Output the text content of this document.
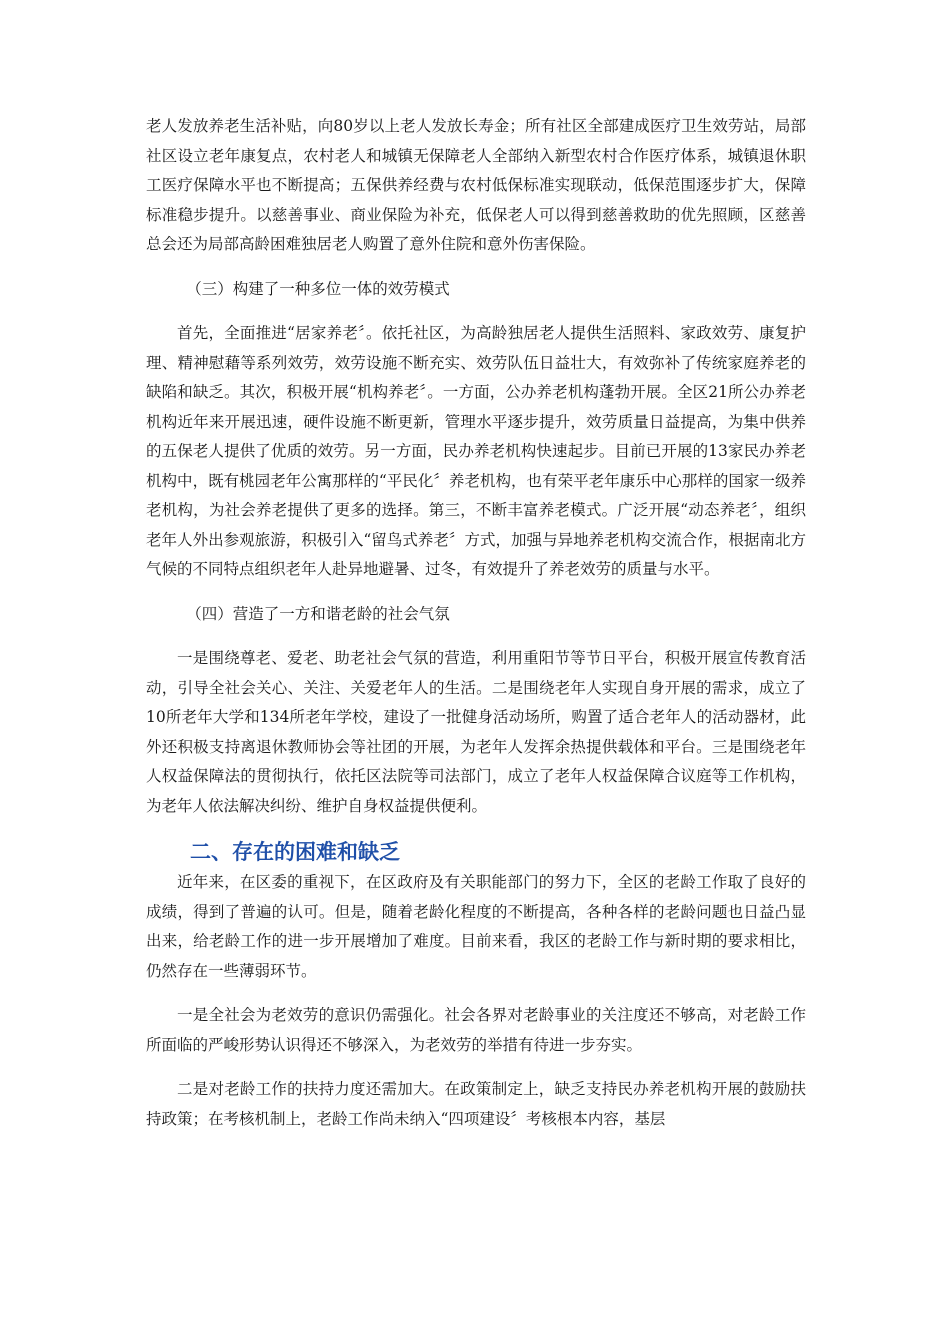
老人发放养老生活补贴，向80岁以上老人发放长寿金；所有社区全部建成医疗卫生效劳站，局部社区设立老年康复点，农村老人和城镇无保障老人全部纳入新型农村合作医疗体系，城镇退休职工医疗保障水平也不断提高；五保供养经费与农村低保标准实现联动，低保范围逐步扩大，保障标准稳步提升。以慈善事业、商业保险为补充，低保老人可以得到慈善救助的优先照顾，区慈善总会还为局部高龄困难独居老人购置了意外住院和意外伤害保险。

（三）构建了一种多位一体的效劳模式

首先，全面推进“居家养老〞。依托社区，为高龄独居老人提供生活照料、家政效劳、康复护理、精神慰藉等系列效劳，效劳设施不断充实、效劳队伍日益壮大，有效弥补了传统家庭养老的缺陷和缺乏。其次，积极开展“机构养老〞。一方面，公办养老机构蓬勃开展。全区21所公办养老机构近年来开展迅速，硬件设施不断更新，管理水平逐步提升，效劳质量日益提高，为集中供养的五保老人提供了优质的效劳。另一方面，民办养老机构快速起步。目前已开展的13家民办养老机构中，既有桃园老年公寓那样的“平民化〞养老机构，也有荣平老年康乐中心那样的国家一级养老机构，为社会养老提供了更多的选择。第三，不断丰富养老模式。广泛开展“动态养老〞，组织老年人外出参观旅游，积极引入“留鸟式养老〞方式，加强与异地养老机构交流合作，根据南北方气候的不同特点组织老年人赴异地避暑、过冬，有效提升了养老效劳的质量与水平。

（四）营造了一方和谐老龄的社会气氛

一是围绕尊老、爱老、助老社会气氛的营造，利用重阳节等节日平台，积极开展宣传教育活动，引导全社会关心、关注、关爱老年人的生活。二是围绕老年人实现自身开展的需求，成立了10所老年大学和134所老年学校，建设了一批健身活动场所，购置了适合老年人的活动器材，此外还积极支持离退休教师协会等社团的开展，为老年人发挥余热提供载体和平台。三是围绕老年人权益保障法的贯彻执行，依托区法院等司法部门，成立了老年人权益保障合议庭等工作机构，为老年人依法解决纠纷、维护自身权益提供便利。

二、存在的困难和缺乏

近年来，在区委的重视下，在区政府及有关职能部门的努力下，全区的老龄工作取了良好的成绩，得到了普遍的认可。但是，随着老龄化程度的不断提高，各种各样的老龄问题也日益凸显出来，给老龄工作的进一步开展增加了难度。目前来看，我区的老龄工作与新时期的要求相比，仍然存在一些薄弱环节。

一是全社会为老效劳的意识仍需强化。社会各界对老龄事业的关注度还不够高，对老龄工作所面临的严峻形势认识得还不够深入，为老效劳的举措有待进一步夯实。

二是对老龄工作的扶持力度还需加大。在政策制定上，缺乏支持民办养老机构开展的鼓励扶持政策；在考核机制上，老龄工作尚未纳入“四项建设〞考核根本内容，基层
